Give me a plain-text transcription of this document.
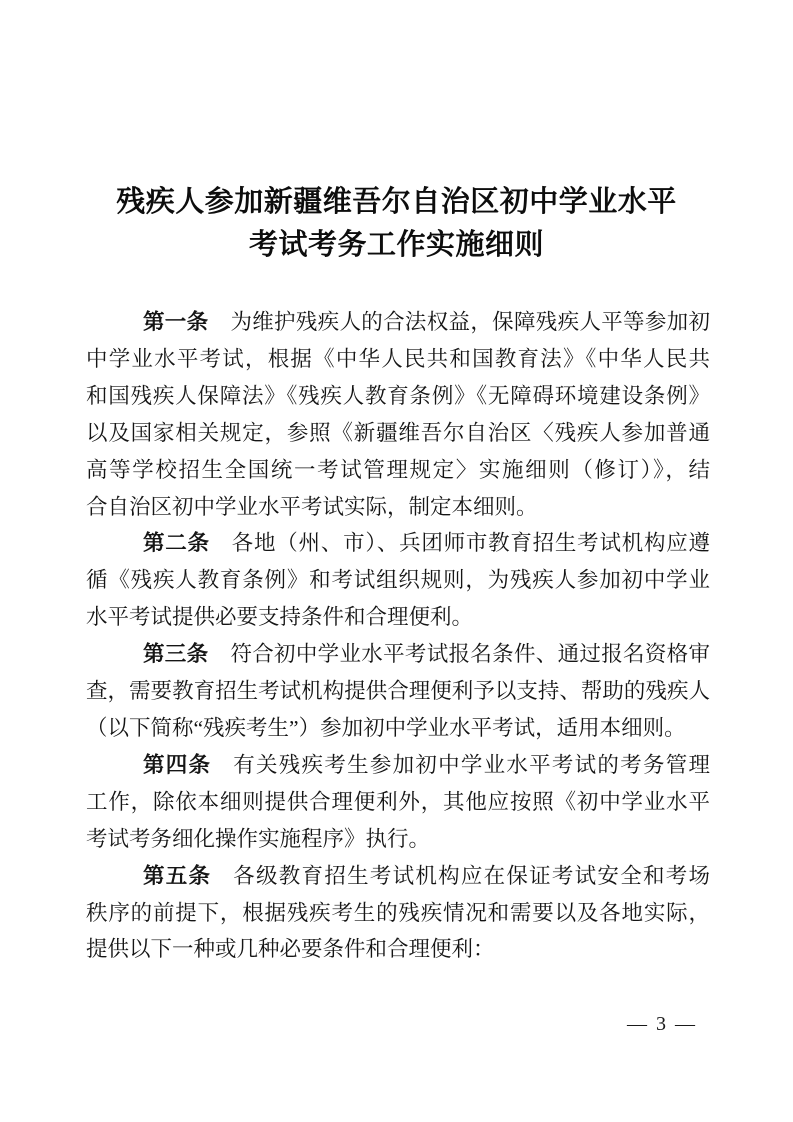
残疾人参加新疆维吾尔自治区初中学业水平
考试考务工作实施细则
第一条 为维护残疾人的合法权益，保障残疾人平等参加初
中学业水平考试，根据《中华人民共和国教育法》《中华人民共
和国残疾人保障法》《残疾人教育条例》《无障碍环境建设条例》
以及国家相关规定，参照《新疆维吾尔自治区〈残疾人参加普通
高等学校招生全国统一考试管理规定〉实施细则（修订）》，结
合自治区初中学业水平考试实际，制定本细则。
第二条 各地（州、市）、兵团师市教育招生考试机构应遵
循《残疾人教育条例》和考试组织规则，为残疾人参加初中学业
水平考试提供必要支持条件和合理便利。
第三条 符合初中学业水平考试报名条件、通过报名资格审
查，需要教育招生考试机构提供合理便利予以支持、帮助的残疾人
（以下简称“残疾考生”）参加初中学业水平考试，适用本细则。
第四条 有关残疾考生参加初中学业水平考试的考务管理
工作，除依本细则提供合理便利外，其他应按照《初中学业水平
考试考务细化操作实施程序》执行。
第五条 各级教育招生考试机构应在保证考试安全和考场
秩序的前提下，根据残疾考生的残疾情况和需要以及各地实际，
提供以下一种或几种必要条件和合理便利：
— 3 —
